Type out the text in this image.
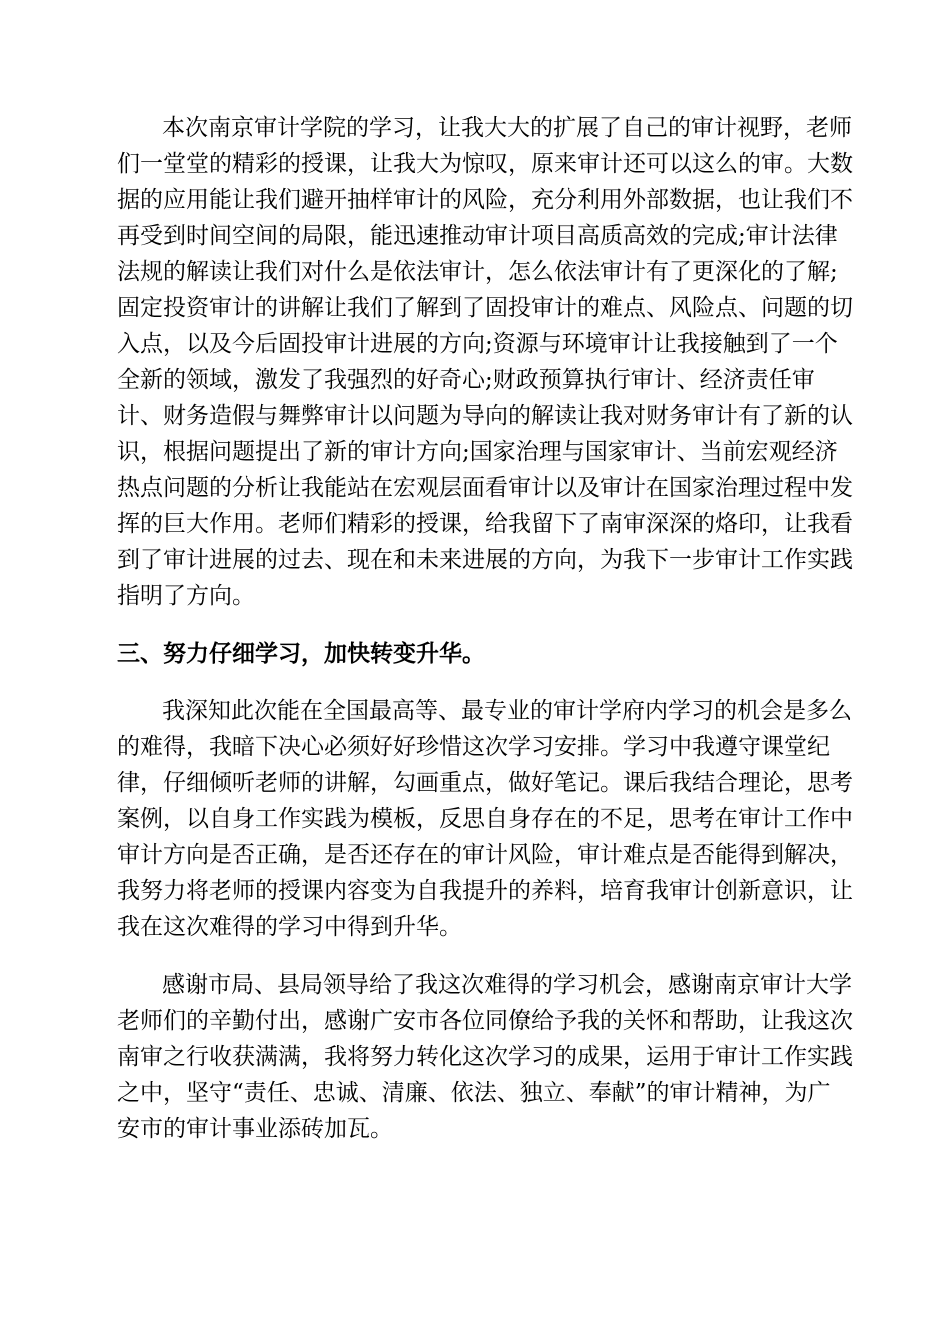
本次南京审计学院的学习，让我大大的扩展了自己的审计视野，老师
们一堂堂的精彩的授课，让我大为惊叹，原来审计还可以这么的审。大数
据的应用能让我们避开抽样审计的风险，充分利用外部数据，也让我们不
再受到时间空间的局限，能迅速推动审计项目高质高效的完成;审计法律
法规的解读让我们对什么是依法审计，怎么依法审计有了更深化的了解;
固定投资审计的讲解让我们了解到了固投审计的难点、风险点、问题的切
入点，以及今后固投审计进展的方向;资源与环境审计让我接触到了一个
全新的领域，激发了我强烈的好奇心;财政预算执行审计、经济责任审
计、财务造假与舞弊审计以问题为导向的解读让我对财务审计有了新的认
识，根据问题提出了新的审计方向;国家治理与国家审计、当前宏观经济
热点问题的分析让我能站在宏观层面看审计以及审计在国家治理过程中发
挥的巨大作用。老师们精彩的授课，给我留下了南审深深的烙印，让我看
到了审计进展的过去、现在和未来进展的方向，为我下一步审计工作实践
指明了方向。
三、努力仔细学习，加快转变升华。
我深知此次能在全国最高等、最专业的审计学府内学习的机会是多么
的难得，我暗下决心必须好好珍惜这次学习安排。学习中我遵守课堂纪
律，仔细倾听老师的讲解，勾画重点，做好笔记。课后我结合理论，思考
案例，以自身工作实践为模板，反思自身存在的不足，思考在审计工作中
审计方向是否正确，是否还存在的审计风险，审计难点是否能得到解决，
我努力将老师的授课内容变为自我提升的养料，培育我审计创新意识，让
我在这次难得的学习中得到升华。
感谢市局、县局领导给了我这次难得的学习机会，感谢南京审计大学
老师们的辛勤付出，感谢广安市各位同僚给予我的关怀和帮助，让我这次
南审之行收获满满，我将努力转化这次学习的成果，运用于审计工作实践
之中，坚守“责任、忠诚、清廉、依法、独立、奉献”的审计精神，为广
安市的审计事业添砖加瓦。
